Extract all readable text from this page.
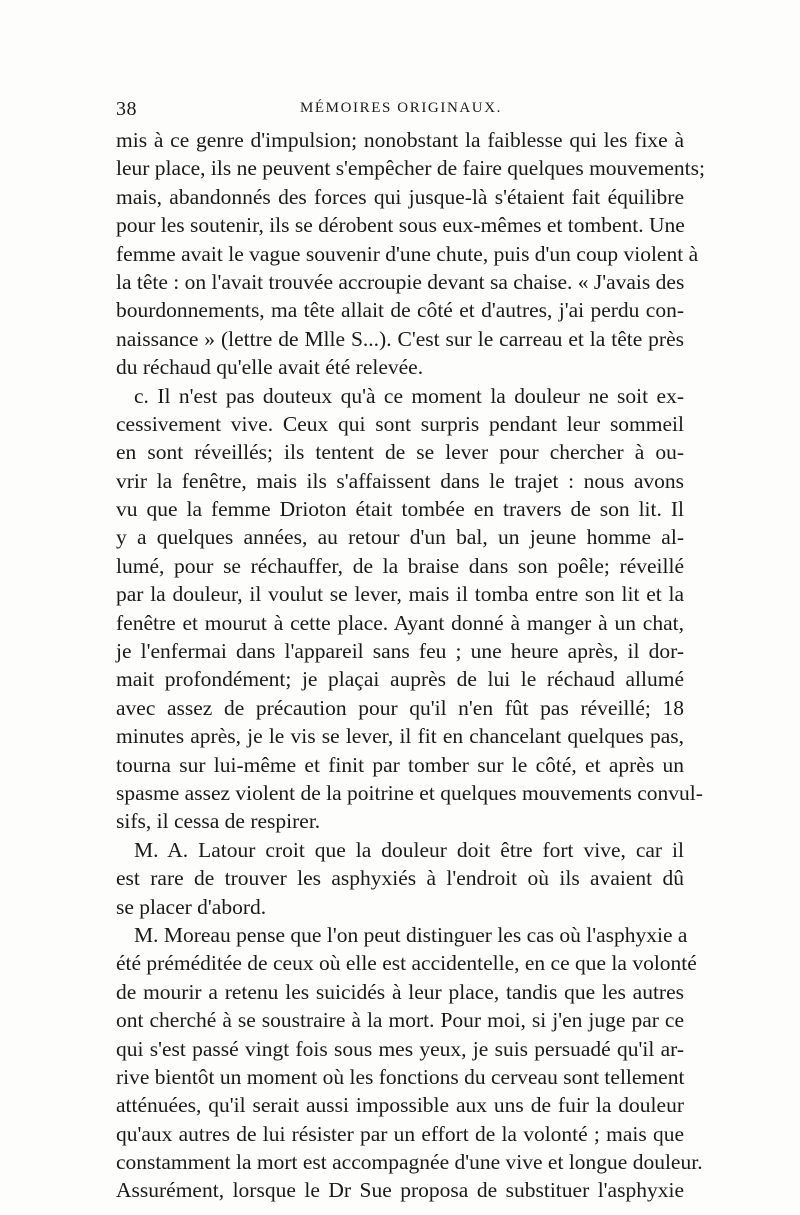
38	MÉMOIRES ORIGINAUX.
mis à ce genre d'impulsion; nonobstant la faiblesse qui les fixe à
leur place, ils ne peuvent s'empêcher de faire quelques mouvements;
mais, abandonnés des forces qui jusque-là s'étaient fait équilibre
pour les soutenir, ils se dérobent sous eux-mêmes et tombent. Une
femme avait le vague souvenir d'une chute, puis d'un coup violent à
la tête : on l'avait trouvée accroupie devant sa chaise. « J'avais des
bourdonnements, ma tête allait de côté et d'autres, j'ai perdu con-
naissance » (lettre de Mlle S...). C'est sur le carreau et la tête près
du réchaud qu'elle avait été relevée.
c. Il n'est pas douteux qu'à ce moment la douleur ne soit ex-
cessivement vive. Ceux qui sont surpris pendant leur sommeil
en sont réveillés; ils tentent de se lever pour chercher à ou-
vrir la fenêtre, mais ils s'affaissent dans le trajet : nous avons
vu que la femme Drioton était tombée en travers de son lit. Il
y a quelques années, au retour d'un bal, un jeune homme al-
lumé, pour se réchauffer, de la braise dans son poêle; réveillé
par la douleur, il voulut se lever, mais il tomba entre son lit et la
fenêtre et mourut à cette place. Ayant donné à manger à un chat,
je l'enfermai dans l'appareil sans feu ; une heure après, il dor-
mait profondément; je plaçai auprès de lui le réchaud allumé
avec assez de précaution pour qu'il n'en fût pas réveillé; 18
minutes après, je le vis se lever, il fit en chancelant quelques pas,
tourna sur lui-même et finit par tomber sur le côté, et après un
spasme assez violent de la poitrine et quelques mouvements convul-
sifs, il cessa de respirer.
M. A. Latour croit que la douleur doit être fort vive, car il
est rare de trouver les asphyxiés à l'endroit où ils avaient dû
se placer d'abord.
M. Moreau pense que l'on peut distinguer les cas où l'asphyxie a
été préméditée de ceux où elle est accidentelle, en ce que la volonté
de mourir a retenu les suicidés à leur place, tandis que les autres
ont cherché à se soustraire à la mort. Pour moi, si j'en juge par ce
qui s'est passé vingt fois sous mes yeux, je suis persuadé qu'il ar-
rive bientôt un moment où les fonctions du cerveau sont tellement
atténuées, qu'il serait aussi impossible aux uns de fuir la douleur
qu'aux autres de lui résister par un effort de la volonté ; mais que
constamment la mort est accompagnée d'une vive et longue douleur.
Assurément, lorsque le Dr Sue proposa de substituer l'asphyxie
